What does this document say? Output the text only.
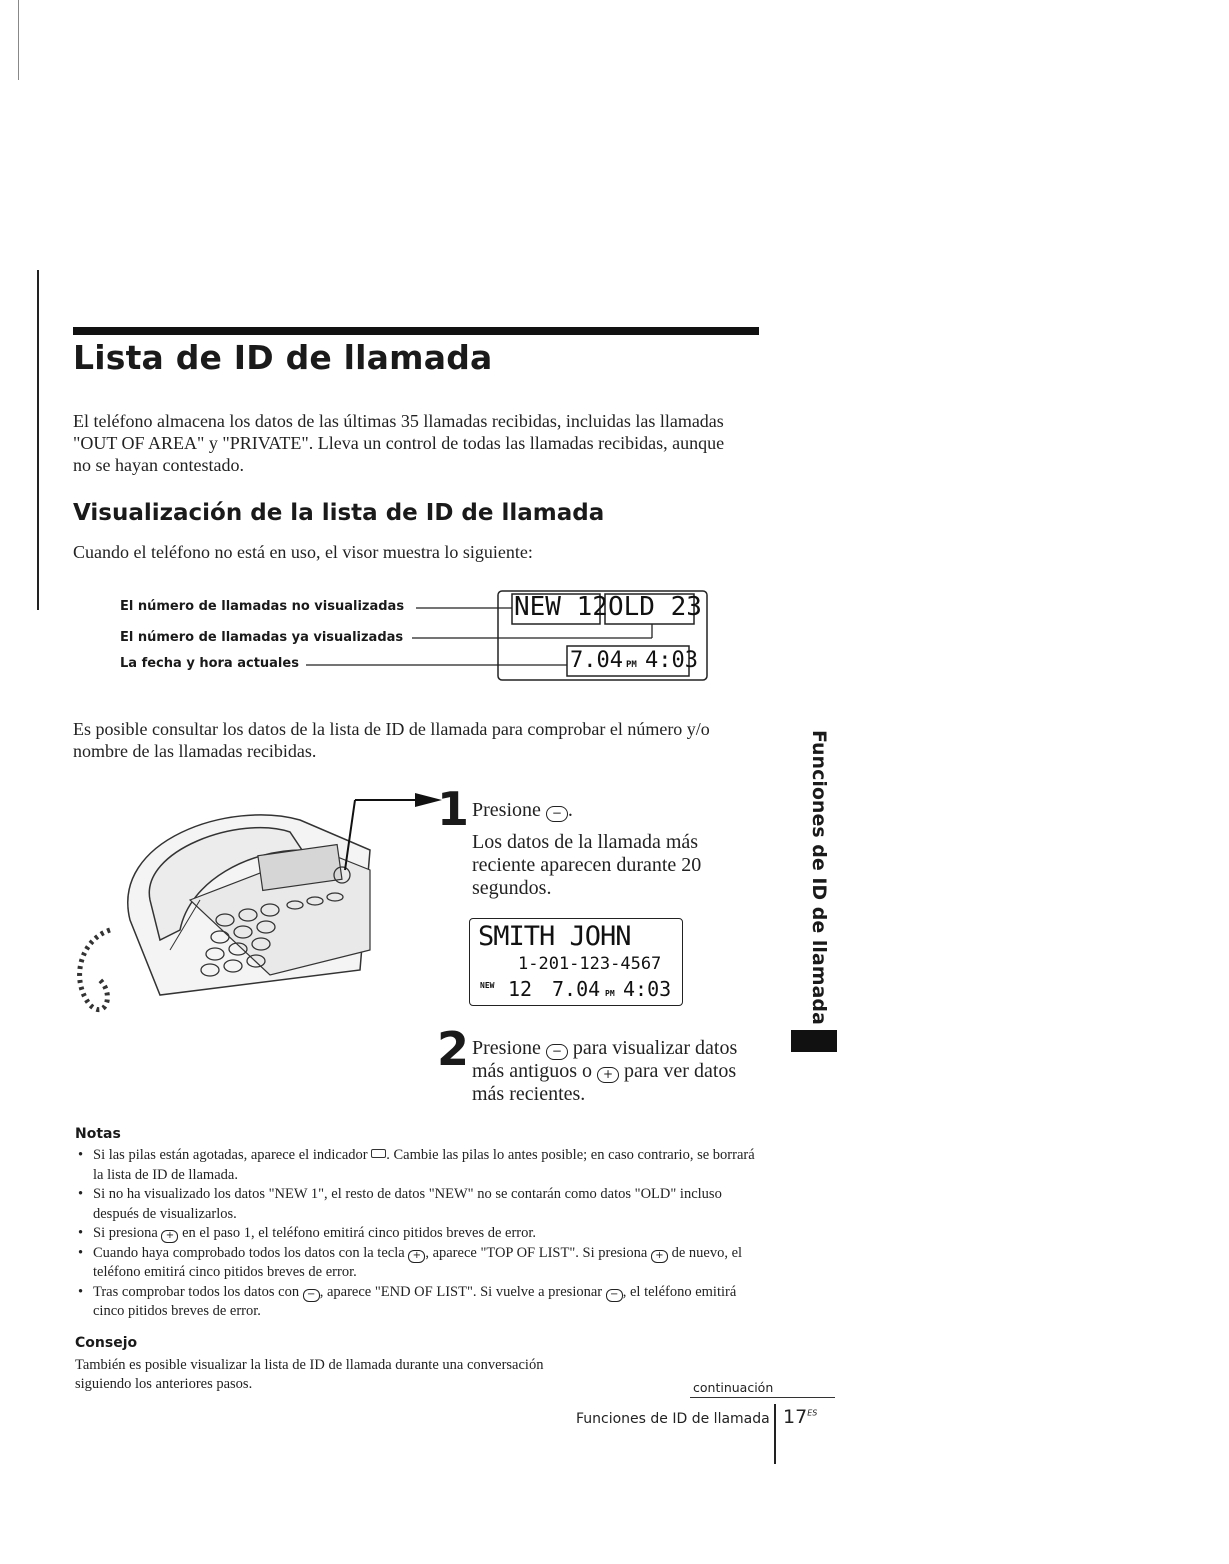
Lista de ID de llamada
El teléfono almacena los datos de las últimas 35 llamadas recibidas, incluidas las llamadas "OUT OF AREA" y "PRIVATE". Lleva un control de todas las llamadas recibidas, aunque no se hayan contestado.
Visualización de la lista de ID de llamada
Cuando el teléfono no está en uso, el visor muestra lo siguiente:
El número de llamadas no visualizadas
El número de llamadas ya visualizadas
La fecha y hora actuales
NEW 12 OLD 23
7.04 PM 4:03
Es posible consultar los datos de la lista de ID de llamada para comprobar el número y/o nombre de las llamadas recibidas.
1 Presione − .
Los datos de la llamada más reciente aparecen durante 20 segundos.
SMITH JOHN
1-201-123-4567
NEW 12 7.04 PM 4:03
2 Presione − para visualizar datos más antiguos o + para ver datos más recientes.
Funciones de ID de llamada
Notas
• Si las pilas están agotadas, aparece el indicador . Cambie las pilas lo antes posible; en caso contrario, se borrará la lista de ID de llamada.
• Si no ha visualizado los datos "NEW 1", el resto de datos "NEW" no se contarán como datos "OLD" incluso después de visualizarlos.
• Si presiona + en el paso 1, el teléfono emitirá cinco pitidos breves de error.
• Cuando haya comprobado todos los datos con la tecla + , aparece "TOP OF LIST". Si presiona + de nuevo, el teléfono emitirá cinco pitidos breves de error.
• Tras comprobar todos los datos con − , aparece "END OF LIST". Si vuelve a presionar − , el teléfono emitirá cinco pitidos breves de error.
Consejo
También es posible visualizar la lista de ID de llamada durante una conversación siguiendo los anteriores pasos.	continuación
Funciones de ID de llamada $17^{ES}$
